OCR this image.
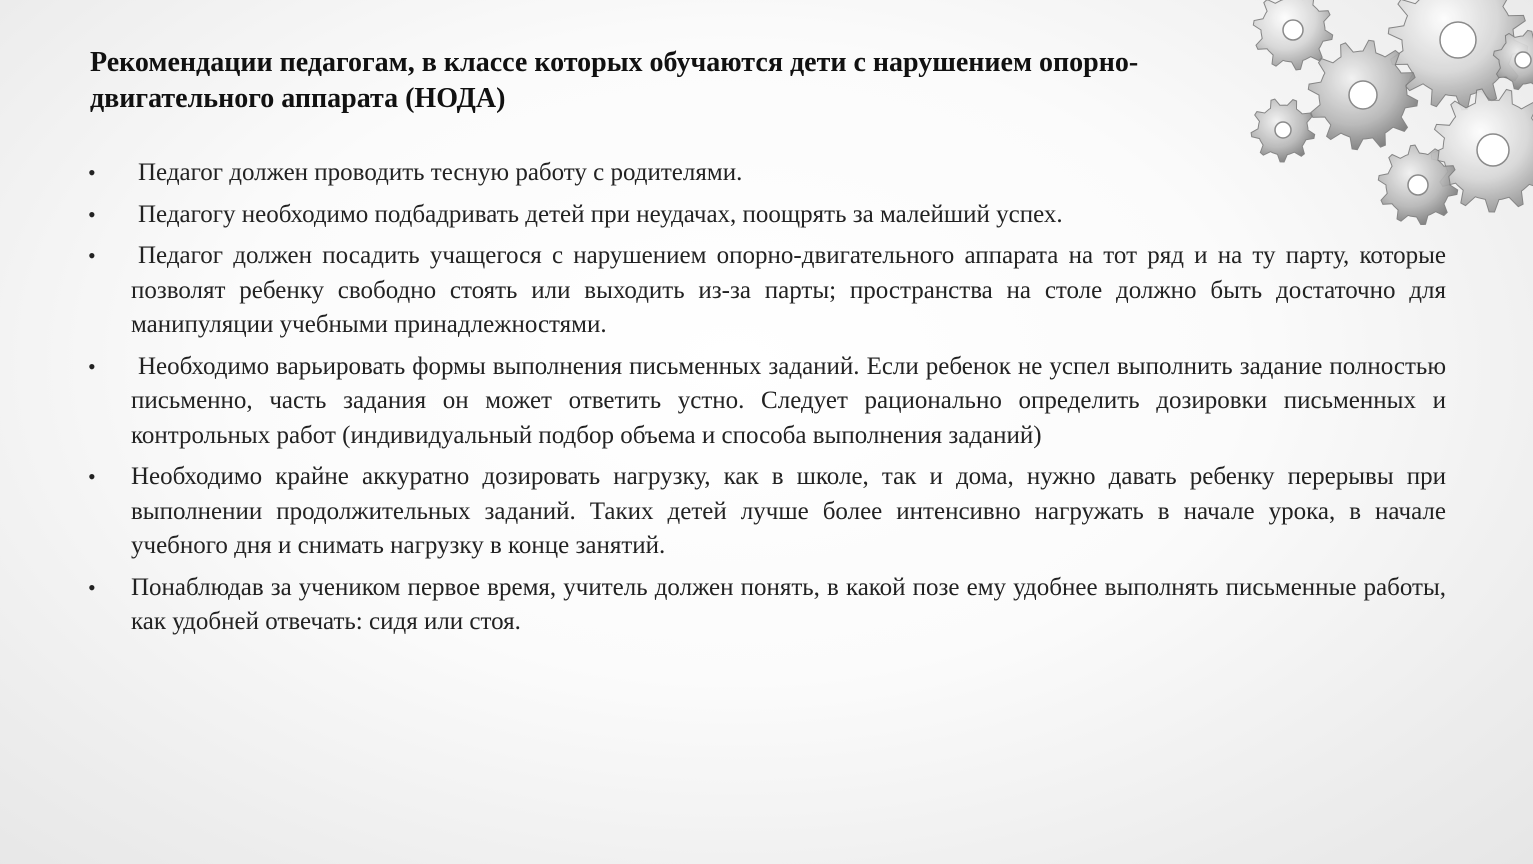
Рекомендации педагогам, в классе которых обучаются дети с нарушением опорно-двигательного аппарата (НОДА)
• Педагог должен проводить тесную работу с родителями.
• Педагогу необходимо подбадривать детей при неудачах, поощрять за малейший успех.
• Педагог должен посадить учащегося с нарушением опорно-двигательного аппарата на тот ряд и на ту парту, которые позволят ребенку свободно стоять или выходить из-за парты; пространства на столе должно быть достаточно для манипуляции учебными принадлежностями.
• Необходимо варьировать формы выполнения письменных заданий. Если ребенок не успел выполнить задание полностью письменно, часть задания он может ответить устно. Следует рационально определить дозировки письменных и контрольных работ (индивидуальный подбор объема и способа выполнения заданий)
• Необходимо крайне аккуратно дозировать нагрузку, как в школе, так и дома, нужно давать ребенку перерывы при выполнении продолжительных заданий. Таких детей лучше более интенсивно нагружать в начале урока, в начале учебного дня и снимать нагрузку в конце занятий.
• Понаблюдав за учеником первое время, учитель должен понять, в какой позе ему удобнее выполнять письменные работы, как удобней отвечать: сидя или стоя.
